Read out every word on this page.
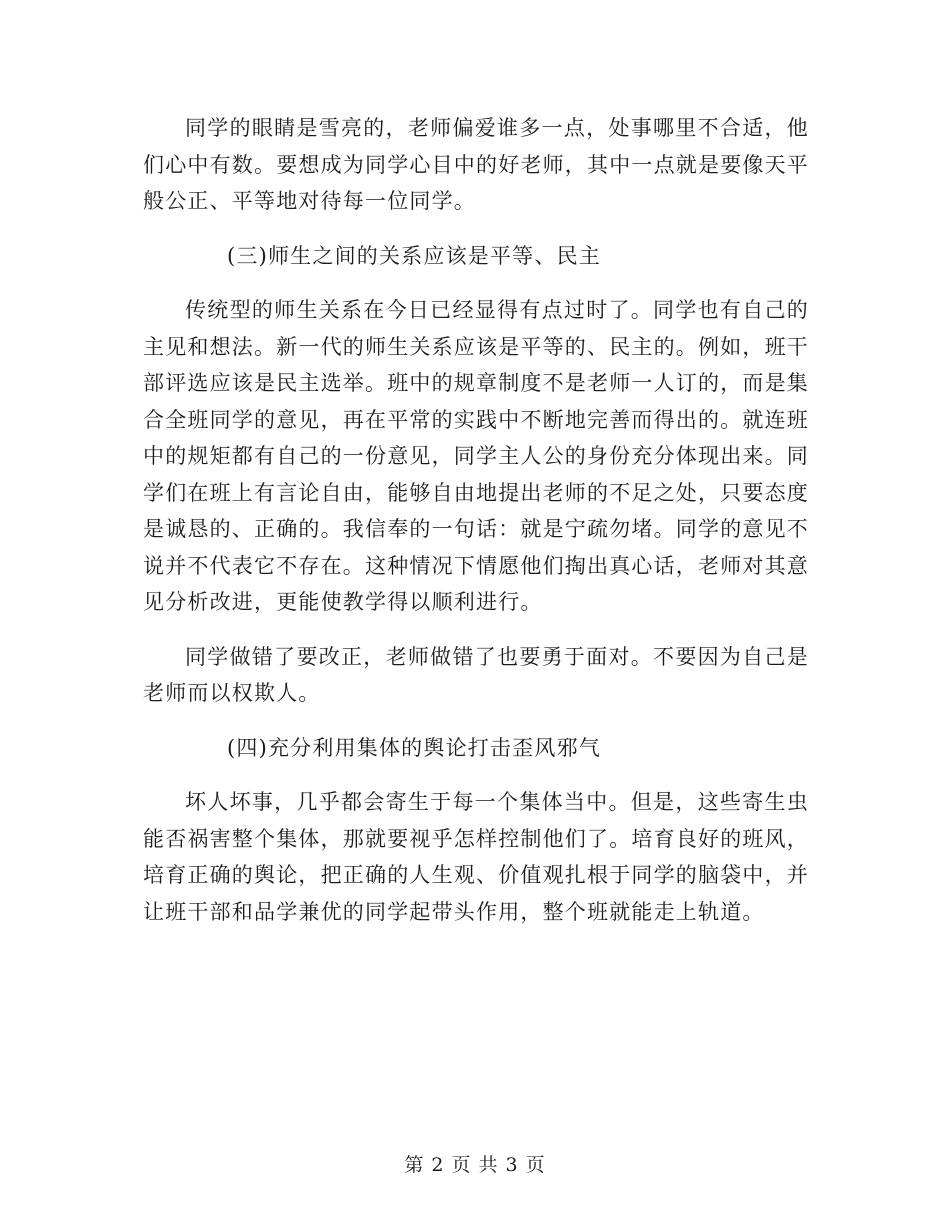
同学的眼睛是雪亮的，老师偏爱谁多一点，处事哪里不合适，他们心中有数。要想成为同学心目中的好老师，其中一点就是要像天平般公正、平等地对待每一位同学。

(三)师生之间的关系应该是平等、民主

传统型的师生关系在今日已经显得有点过时了。同学也有自己的主见和想法。新一代的师生关系应该是平等的、民主的。例如，班干部评选应该是民主选举。班中的规章制度不是老师一人订的，而是集合全班同学的意见，再在平常的实践中不断地完善而得出的。就连班中的规矩都有自己的一份意见，同学主人公的身份充分体现出来。同学们在班上有言论自由，能够自由地提出老师的不足之处，只要态度是诚恳的、正确的。我信奉的一句话：就是宁疏勿堵。同学的意见不说并不代表它不存在。这种情况下情愿他们掏出真心话，老师对其意见分析改进，更能使教学得以顺利进行。

同学做错了要改正，老师做错了也要勇于面对。不要因为自己是老师而以权欺人。

(四)充分利用集体的舆论打击歪风邪气

坏人坏事，几乎都会寄生于每一个集体当中。但是，这些寄生虫能否祸害整个集体，那就要视乎怎样控制他们了。培育良好的班风，培育正确的舆论，把正确的人生观、价值观扎根于同学的脑袋中，并让班干部和品学兼优的同学起带头作用，整个班就能走上轨道。

第 2 页 共 3 页
